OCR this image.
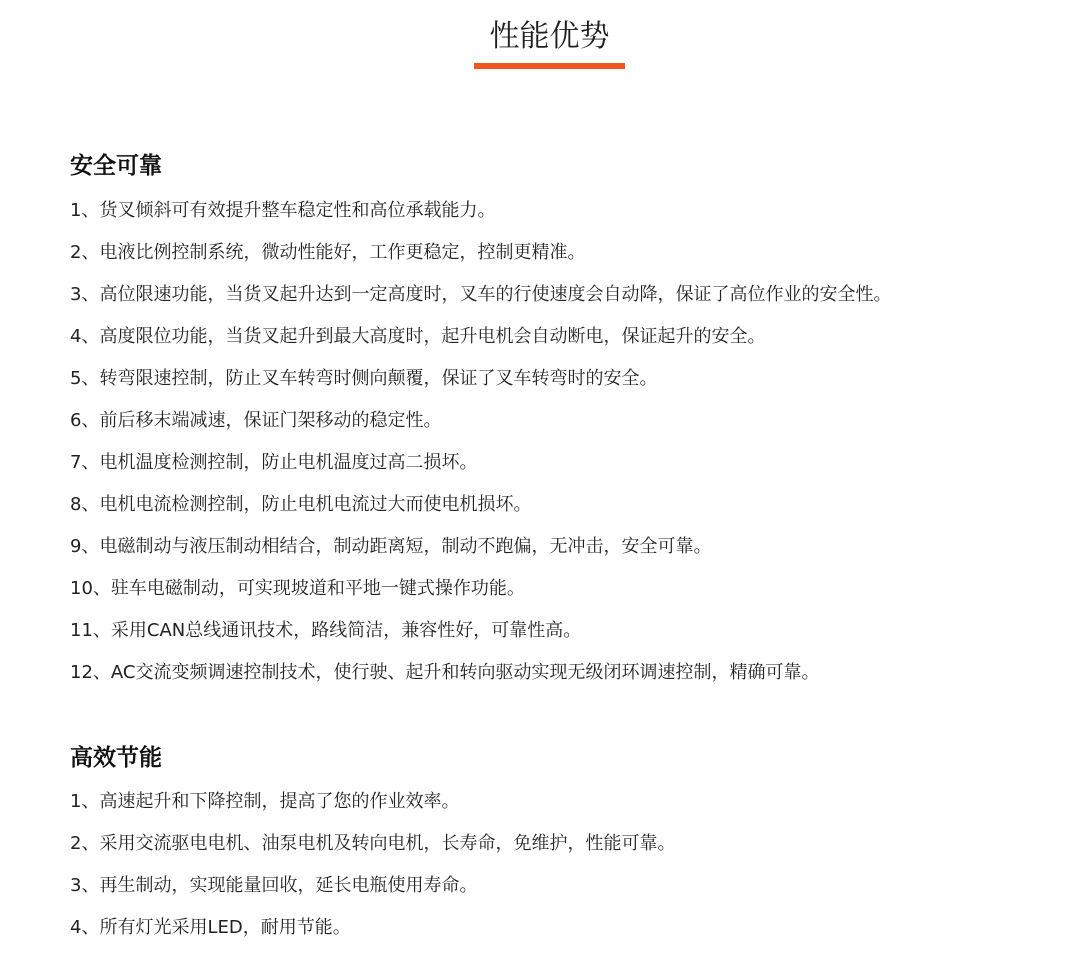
性能优势
安全可靠
1、货叉倾斜可有效提升整车稳定性和高位承载能力。
2、电液比例控制系统，微动性能好，工作更稳定，控制更精准。
3、高位限速功能，当货叉起升达到一定高度时，叉车的行使速度会自动降，保证了高位作业的安全性。
4、高度限位功能，当货叉起升到最大高度时，起升电机会自动断电，保证起升的安全。
5、转弯限速控制，防止叉车转弯时侧向颠覆，保证了叉车转弯时的安全。
6、前后移末端减速，保证门架移动的稳定性。
7、电机温度检测控制，防止电机温度过高二损坏。
8、电机电流检测控制，防止电机电流过大而使电机损坏。
9、电磁制动与液压制动相结合，制动距离短，制动不跑偏，无冲击，安全可靠。
10、驻车电磁制动，可实现坡道和平地一键式操作功能。
11、采用CAN总线通讯技术，路线简洁，兼容性好，可靠性高。
12、AC交流变频调速控制技术，使行驶、起升和转向驱动实现无级闭环调速控制，精确可靠。
高效节能
1、高速起升和下降控制，提高了您的作业效率。
2、采用交流驱电电机、油泵电机及转向电机，长寿命，免维护，性能可靠。
3、再生制动，实现能量回收，延长电瓶使用寿命。
4、所有灯光采用LED，耐用节能。
